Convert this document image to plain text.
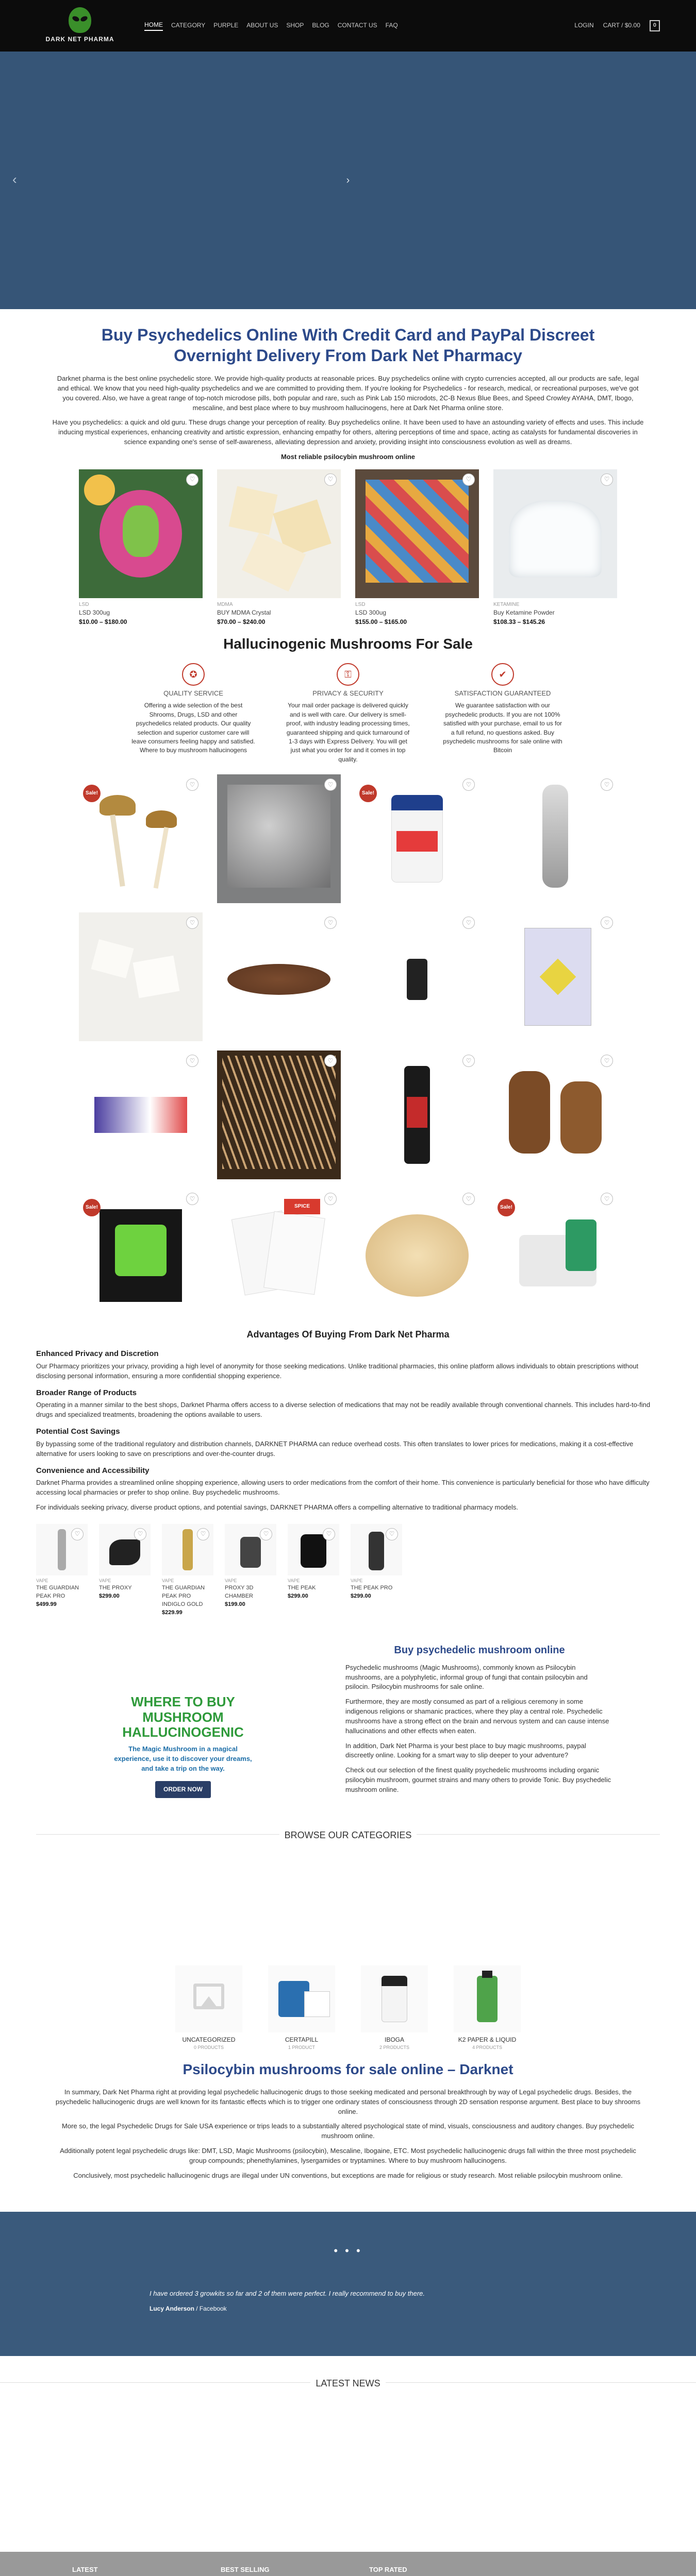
DARK NET PHARMA
HOME CATEGORY PURPLE ABOUT US SHOP BLOG CONTACT US FAQ	LOGIN CART / $0.00	0
‹	›
Buy Psychedelics Online With Credit Card and PayPal Discreet Overnight Delivery From Dark Net Pharmacy

Darknet pharma is the best online psychedelic store. We provide high-quality products at reasonable prices. Buy psychedelics online with crypto currencies accepted, all our products are safe, legal and ethical. We know that you need high-quality psychedelics and we are committed to providing them. If you're looking for Psychedelics - for research, medical, or recreational purposes, we've got you covered. Also, we have a great range of top-notch microdose pills, both popular and rare, such as Pink Lab 150 microdots, 2C-B Nexus Blue Bees, and Speed Crowley AYAHA, DMT, Ibogo, mescaline, and best place where to buy mushroom hallucinogens, here at Dark Net Pharma online store.

Have you psychedelics: a quick and old guru. These drugs change your perception of reality. Buy psychedelics online. It have been used to have an astounding variety of effects and uses. This include inducing mystical experiences, enhancing creativity and artistic expression, enhancing empathy for others, altering perceptions of time and space, acting as catalysts for fundamental discoveries in science expanding one's sense of self-awareness, alleviating depression and anxiety, providing insight into consciousness evolution as well as dreams.

Most reliable psilocybin mushroom online

♡
LSD
LSD 300ug
$10.00 – $180.00
♡
MDMA
BUY MDMA Crystal
$70.00 – $240.00
♡
LSD
LSD 300ug
$155.00 – $165.00
♡
KETAMINE
Buy Ketamine Powder
$108.33 – $145.26
Hallucinogenic Mushrooms For Sale
✪
QUALITY SERVICE
Offering a wide selection of the best Shrooms, Drugs, LSD and other psychedelics related products. Our quality selection and superior customer care will leave consumers feeling happy and satisfied. Where to buy mushroom hallucinogens
⚿
PRIVACY & SECURITY
Your mail order package is delivered quickly and is well with care. Our delivery is smell-proof, with industry leading processing times, guaranteed shipping and quick turnaround of 1-3 days with Express Delivery. You will get just what you order for and it comes in top quality.
✔
SATISFACTION GUARANTEED
We guarantee satisfaction with our psychedelic products. If you are not 100% satisfied with your purchase, email to us for a full refund, no questions asked. Buy psychedelic mushrooms for sale online with Bitcoin
Sale!
♡	♡
Sale!
♡	♡
♡	♡	♡	♡
♡	♡	♡	♡
Sale!
♡
SPICE
♡	♡
Sale!
♡
Advantages Of Buying From Dark Net Pharma
Enhanced Privacy and Discretion

Our Pharmacy prioritizes your privacy, providing a high level of anonymity for those seeking medications. Unlike traditional pharmacies, this online platform allows individuals to obtain prescriptions without disclosing personal information, ensuring a more confidential shopping experience.

Broader Range of Products

Operating in a manner similar to the best shops, Darknet Pharma offers access to a diverse selection of medications that may not be readily available through conventional channels. This includes hard-to-find drugs and specialized treatments, broadening the options available to users.

Potential Cost Savings

By bypassing some of the traditional regulatory and distribution channels, DARKNET PHARMA can reduce overhead costs. This often translates to lower prices for medications, making it a cost-effective alternative for users looking to save on prescriptions and over-the-counter drugs.

Convenience and Accessibility

Darknet Pharma provides a streamlined online shopping experience, allowing users to order medications from the comfort of their home. This convenience is particularly beneficial for those who have difficulty accessing local pharmacies or prefer to shop online. Buy psychedelic mushrooms.

For individuals seeking privacy, diverse product options, and potential savings, DARKNET PHARMA offers a compelling alternative to traditional pharmacy models.

♡
VAPE
THE GUARDIAN PEAK PRO
$499.99
♡
VAPE
THE PROXY
$299.00
♡
VAPE
THE GUARDIAN PEAK PRO INDIGLO GOLD
$229.99
♡
VAPE
PROXY 3D CHAMBER
$199.00
♡
VAPE
THE PEAK
$299.00
♡
VAPE
THE PEAK PRO
$299.00
WHERE TO BUY MUSHROOM HALLUCINOGENIC
The Magic Mushroom in a magical experience, use it to discover your dreams, and take a trip on the way.
ORDER NOW
Buy psychedelic mushroom online

Psychedelic mushrooms (Magic Mushrooms), commonly known as Psilocybin mushrooms, are a polyphyletic, informal group of fungi that contain psilocybin and psilocin. Psilocybin mushrooms for sale online.

Furthermore, they are mostly consumed as part of a religious ceremony in some indigenous religions or shamanic practices, where they play a central role. Psychedelic mushrooms have a strong effect on the brain and nervous system and can cause intense hallucinations and other effects when eaten.

In addition, Dark Net Pharma is your best place to buy magic mushrooms, paypal discreetly online. Looking for a smart way to slip deeper to your adventure?

Check out our selection of the finest quality psychedelic mushrooms including organic psilocybin mushroom, gourmet strains and many others to provide Tonic. Buy psychedelic mushroom online.

BROWSE OUR CATEGORIES
UNCATEGORIZED
0 PRODUCTS
CERTAPILL
1 PRODUCT
IBOGA
2 PRODUCTS
K2 PAPER & LIQUID
4 PRODUCTS
Psilocybin mushrooms for sale online – Darknet

In summary, Dark Net Pharma right at providing legal psychedelic hallucinogenic drugs to those seeking medicated and personal breakthrough by way of Legal psychedelic drugs. Besides, the psychedelic hallucinogenic drugs are well known for its fantastic effects which is to trigger one ordinary states of consciousness through 2D sensation response argument. Best place to buy shrooms online.

More so, the legal Psychedelic Drugs for Sale USA experience or trips leads to a substantially altered psychological state of mind, visuals, consciousness and auditory changes. Buy psychedelic mushroom online.

Additionally potent legal psychedelic drugs like: DMT, LSD, Magic Mushrooms (psilocybin), Mescaline, Ibogaine, ETC. Most psychedelic hallucinogenic drugs fall within the three most psychedelic group compounds; phenethylamines, lysergamides or tryptamines. Where to buy mushroom hallucinogens.

Conclusively, most psychedelic hallucinogenic drugs are illegal under UN conventions, but exceptions are made for religious or study research. Most reliable psilocybin mushroom online.

• • •
I have ordered 3 growkits so far and 2 of them were perfect. I really recommend to buy there.
Lucy Anderson / Facebook
LATEST NEWS
LATEST	BEST SELLING	TOP RATED
